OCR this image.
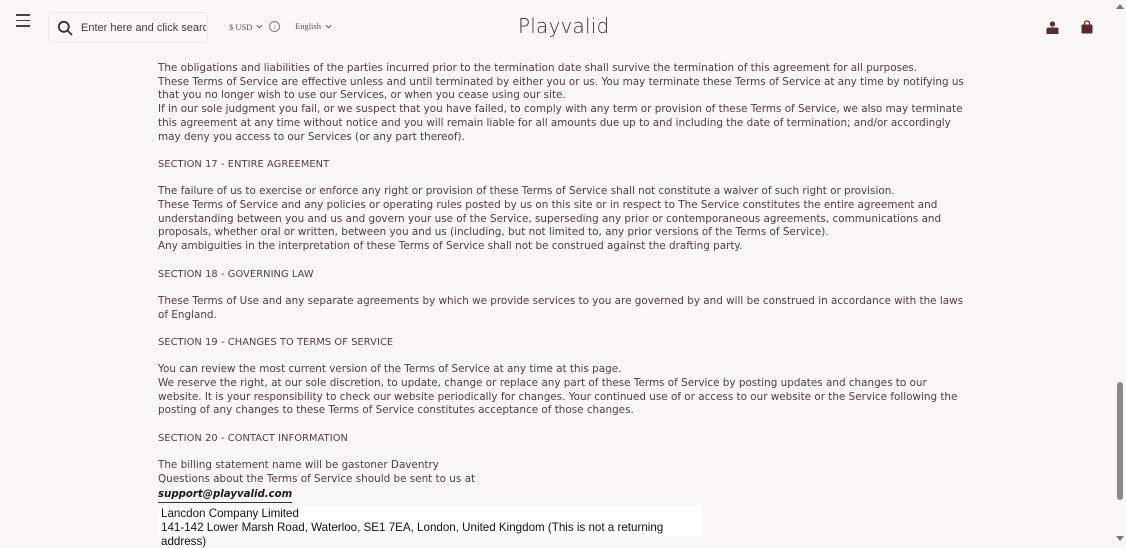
Enter here and click search
$ USD	i	English	Playvalid

The obligations and liabilities of the parties incurred prior to the termination date shall survive the termination of this agreement for all purposes.

These Terms of Service are effective unless and until terminated by either you or us. You may terminate these Terms of Service at any time by notifying us that you no longer wish to use our Services, or when you cease using our site.

If in our sole judgment you fail, or we suspect that you have failed, to comply with any term or provision of these Terms of Service, we also may terminate this agreement at any time without notice and you will remain liable for all amounts due up to and including the date of termination; and/or accordingly may deny you access to our Services (or any part thereof).

SECTION 17 - ENTIRE AGREEMENT

The failure of us to exercise or enforce any right or provision of these Terms of Service shall not constitute a waiver of such right or provision.

These Terms of Service and any policies or operating rules posted by us on this site or in respect to The Service constitutes the entire agreement and understanding between you and us and govern your use of the Service, superseding any prior or contemporaneous agreements, communications and proposals, whether oral or written, between you and us (including, but not limited to, any prior versions of the Terms of Service).

Any ambiguities in the interpretation of these Terms of Service shall not be construed against the drafting party.

SECTION 18 - GOVERNING LAW

These Terms of Use and any separate agreements by which we provide services to you are governed by and will be construed in accordance with the laws of England.

SECTION 19 - CHANGES TO TERMS OF SERVICE

You can review the most current version of the Terms of Service at any time at this page.

We reserve the right, at our sole discretion, to update, change or replace any part of these Terms of Service by posting updates and changes to our website. It is your responsibility to check our website periodically for changes. Your continued use of or access to our website or the Service following the posting of any changes to these Terms of Service constitutes acceptance of those changes.

SECTION 20 - CONTACT INFORMATION

The billing statement name will be gastoner Daventry

Questions about the Terms of Service should be sent to us at

support@playvalid.com
Lancdon Company Limited
141-142 Lower Marsh Road, Waterloo, SE1 7EA, London, United Kingdom (This is not a returning address)
